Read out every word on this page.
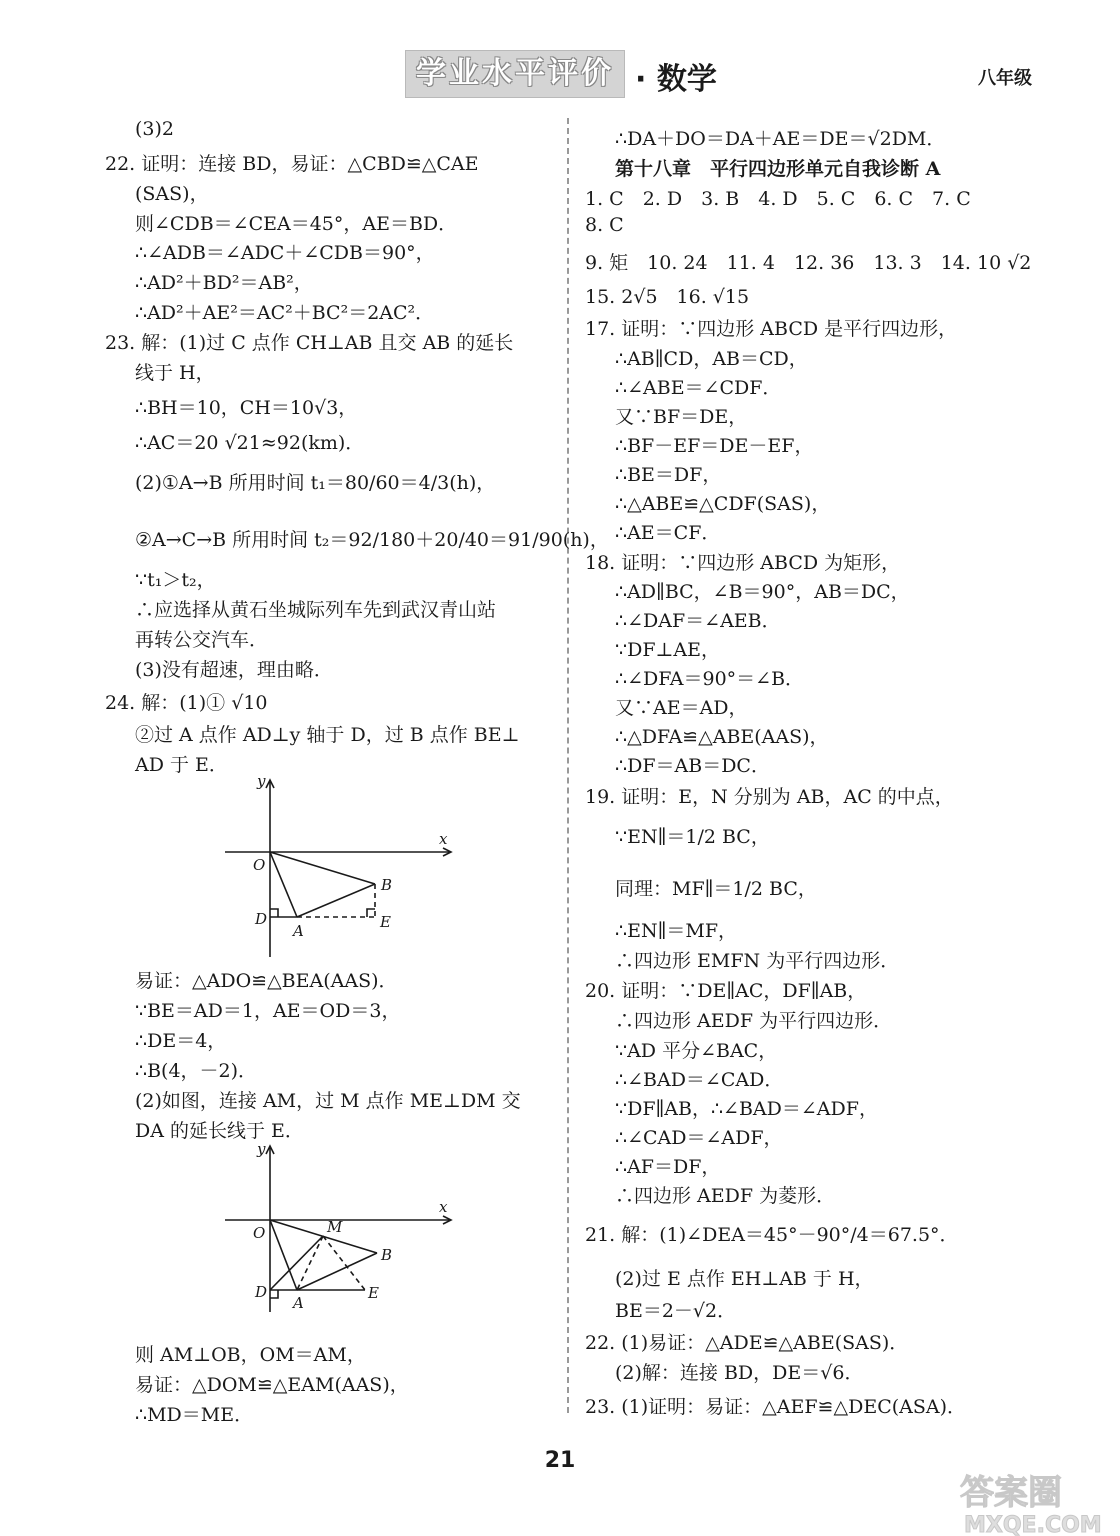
学业水平评价 · 数学	八年级
(3)2
22. 证明：连接 BD，易证：△CBD≌△CAE
(SAS)，
则∠CDB＝∠CEA＝45°，AE＝BD．
∴∠ADB＝∠ADC＋∠CDB＝90°，
∴AD²＋BD²＝AB²，
∴AD²＋AE²＝AC²＋BC²＝2AC²．
23. 解：(1)过 C 点作 CH⊥AB 且交 AB 的延长
线于 H，
∴BH＝10，CH＝10√3，
∴AC＝20 √21≈92(km)．
(2)①A→B 所用时间 t₁＝80/60＝4/3(h)，
②A→C→B 所用时间 t₂＝92/180＋20/40＝91/90(h)，
∵t₁＞t₂，
∴应选择从黄石坐城际列车先到武汉青山站
再转公交汽车．
(3)没有超速，理由略．
24. 解：(1)① √10
②过 A 点作 AD⊥y 轴于 D，过 B 点作 BE⊥
AD 于 E．
易证：△ADO≌△BEA(AAS)．
∵BE＝AD＝1，AE＝OD＝3，
∴DE＝4，
∴B(4，－2)．
(2)如图，连接 AM，过 M 点作 ME⊥DM 交
DA 的延长线于 E．
则 AM⊥OB，OM＝AM，
易证：△DOM≌△EAM(AAS)，
∴MD＝ME．
y
x
O
B
D
A	E
y
x
O	M
B
D
A
E
∴DA＋DO＝DA＋AE＝DE＝√2DM．
第十八章　平行四边形单元自我诊断 A
1. C　2. D　3. B　4. D　5. C　6. C　7. C
8. C
9. 矩　10. 24　11. 4　12. 36　13. 3　14. 10 √2
15. 2√5　16. √15
17. 证明：∵四边形 ABCD 是平行四边形，
∴AB∥CD，AB＝CD，
∴∠ABE＝∠CDF．
又∵BF＝DE，
∴BF－EF＝DE－EF，
∴BE＝DF，
∴△ABE≌△CDF(SAS)，
∴AE＝CF．
18. 证明：∵四边形 ABCD 为矩形，
∴AD∥BC，∠B＝90°，AB＝DC，
∴∠DAF＝∠AEB．
∵DF⊥AE，
∴∠DFA＝90°＝∠B．
又∵AE＝AD，
∴△DFA≌△ABE(AAS)，
∴DF＝AB＝DC．
19. 证明：E，N 分别为 AB，AC 的中点，
∵EN∥＝1/2 BC，
同理：MF∥＝1/2 BC，
∴EN∥＝MF，
∴四边形 EMFN 为平行四边形．
20. 证明：∵DE∥AC，DF∥AB，
∴四边形 AEDF 为平行四边形．
∵AD 平分∠BAC，
∴∠BAD＝∠CAD．
∵DF∥AB，∴∠BAD＝∠ADF，
∴∠CAD＝∠ADF，
∴AF＝DF，
∴四边形 AEDF 为菱形．
21. 解：(1)∠DEA＝45°－90°/4＝67.5°．
(2)过 E 点作 EH⊥AB 于 H，
BE＝2－√2．
22. (1)易证：△ADE≌△ABE(SAS)．
(2)解：连接 BD，DE＝√6．
23. (1)证明：易证：△AEF≌△DEC(ASA)．
21
答案圈
MXQE.COM
